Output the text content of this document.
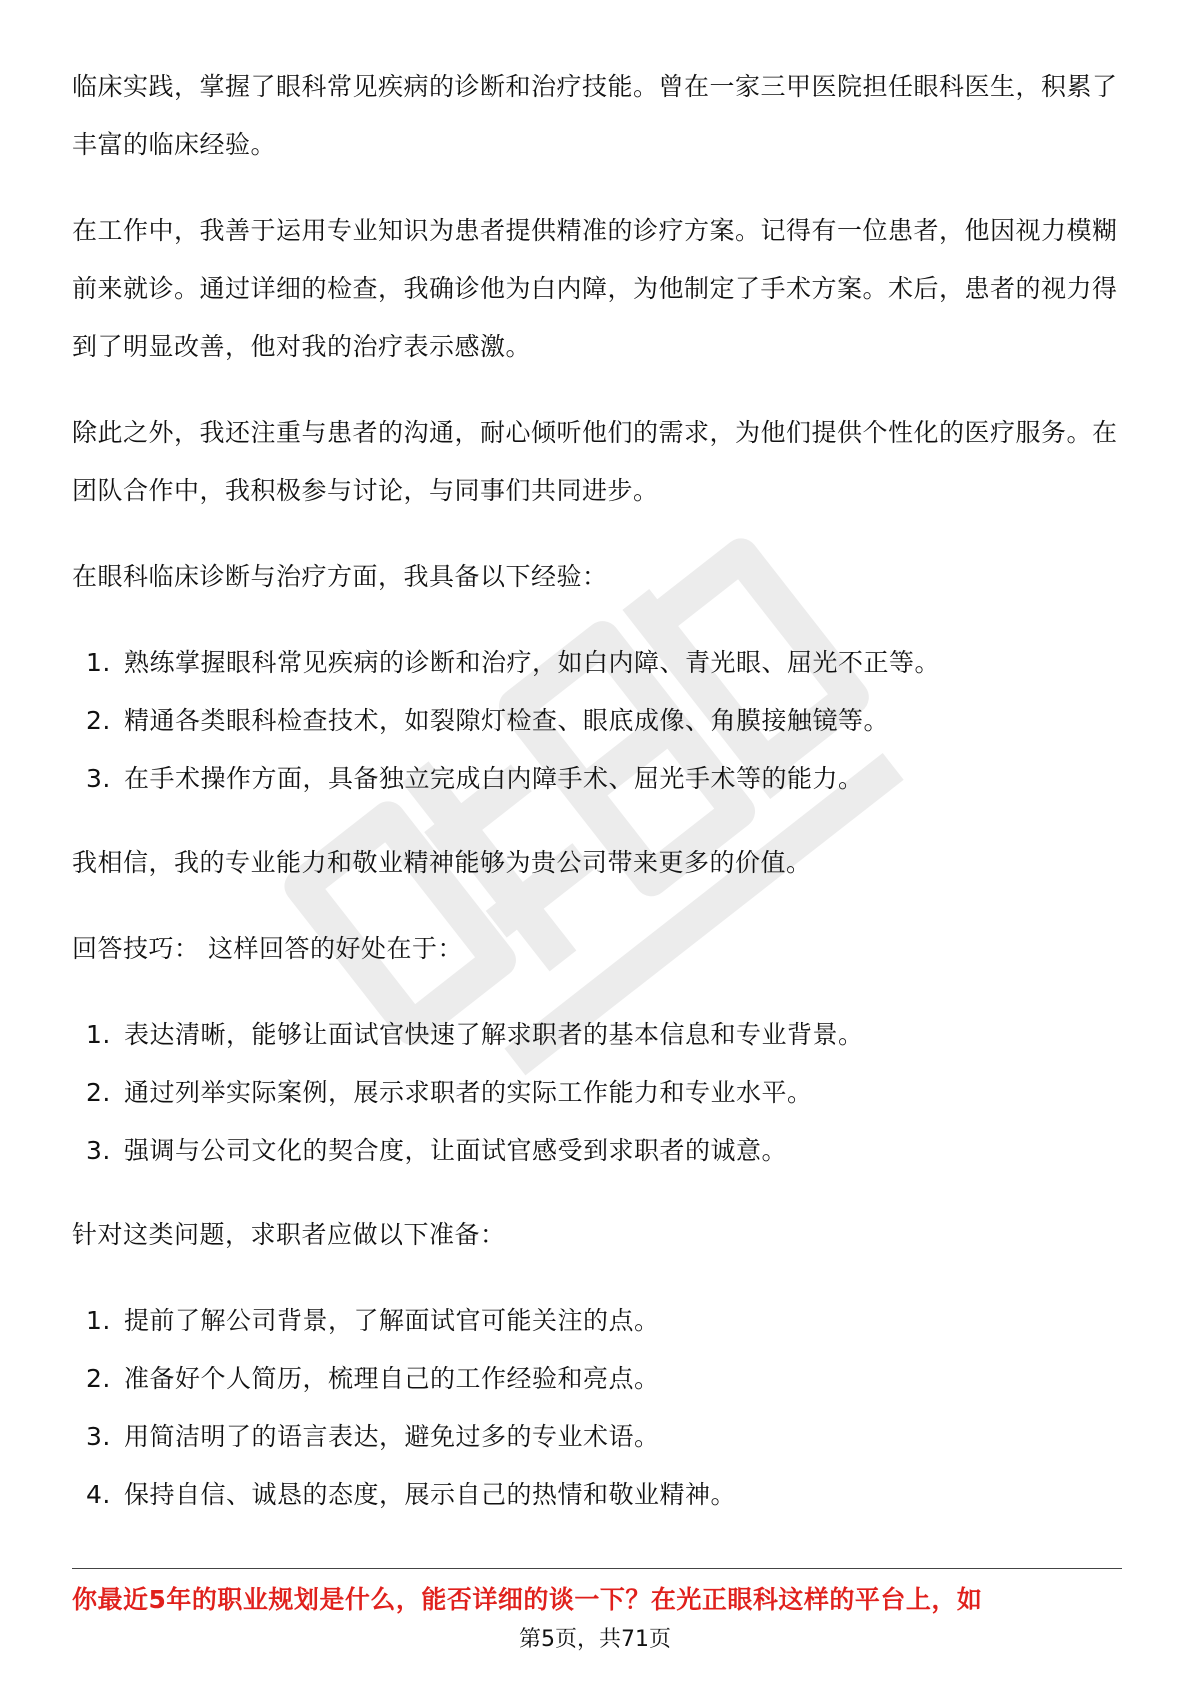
临床实践，掌握了眼科常见疾病的诊断和治疗技能。曾在一家三甲医院担任眼科医生，积累了丰富的临床经验。

在工作中，我善于运用专业知识为患者提供精准的诊疗方案。记得有一位患者，他因视力模糊前来就诊。通过详细的检查，我确诊他为白内障，为他制定了手术方案。术后，患者的视力得到了明显改善，他对我的治疗表示感激。

除此之外，我还注重与患者的沟通，耐心倾听他们的需求，为他们提供个性化的医疗服务。在团队合作中，我积极参与讨论，与同事们共同进步。

在眼科临床诊断与治疗方面，我具备以下经验：

1. 熟练掌握眼科常见疾病的诊断和治疗，如白内障、青光眼、屈光不正等。
2. 精通各类眼科检查技术，如裂隙灯检查、眼底成像、角膜接触镜等。
3. 在手术操作方面，具备独立完成白内障手术、屈光手术等的能力。

我相信，我的专业能力和敬业精神能够为贵公司带来更多的价值。

回答技巧： 这样回答的好处在于：

1. 表达清晰，能够让面试官快速了解求职者的基本信息和专业背景。
2. 通过列举实际案例，展示求职者的实际工作能力和专业水平。
3. 强调与公司文化的契合度，让面试官感受到求职者的诚意。

针对这类问题，求职者应做以下准备：

1. 提前了解公司背景，了解面试官可能关注的点。
2. 准备好个人简历，梳理自己的工作经验和亮点。
3. 用简洁明了的语言表达，避免过多的专业术语。
4. 保持自信、诚恳的态度，展示自己的热情和敬业精神。
你最近5年的职业规划是什么，能否详细的谈一下？在光正眼科这样的平台上，如
第5页，共71页
